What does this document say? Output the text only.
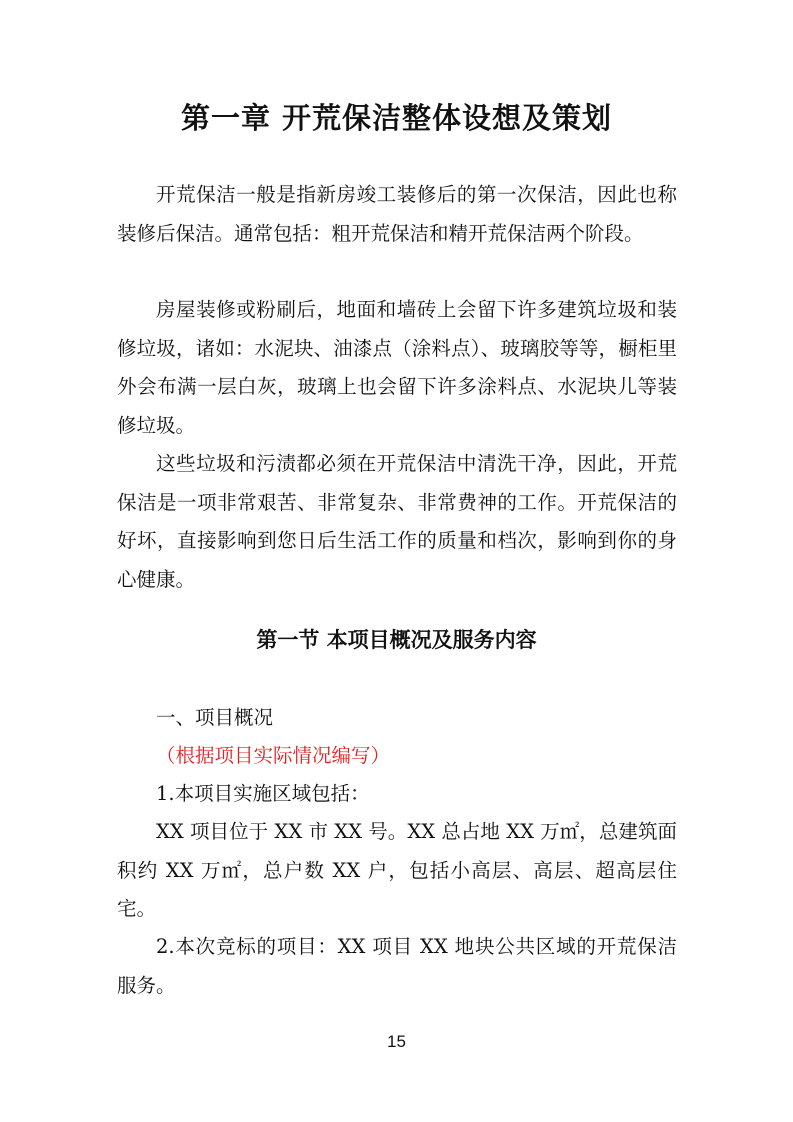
第一章 开荒保洁整体设想及策划

开荒保洁一般是指新房竣工装修后的第一次保洁，因此也称装修后保洁。通常包括：粗开荒保洁和精开荒保洁两个阶段。

房屋装修或粉刷后，地面和墙砖上会留下许多建筑垃圾和装修垃圾，诸如：水泥块、油漆点（涂料点）、玻璃胶等等，橱柜里外会布满一层白灰，玻璃上也会留下许多涂料点、水泥块儿等装修垃圾。

这些垃圾和污渍都必须在开荒保洁中清洗干净，因此，开荒保洁是一项非常艰苦、非常复杂、非常费神的工作。开荒保洁的好坏，直接影响到您日后生活工作的质量和档次，影响到你的身心健康。

第一节 本项目概况及服务内容

一、项目概况

（根据项目实际情况编写）

1.本项目实施区域包括：

XX 项目位于 XX 市 XX 号。XX 总占地 XX 万㎡，总建筑面积约 XX 万㎡，总户数 XX 户，包括小高层、高层、超高层住宅。

2.本次竞标的项目：XX 项目 XX 地块公共区域的开荒保洁服务。

15
